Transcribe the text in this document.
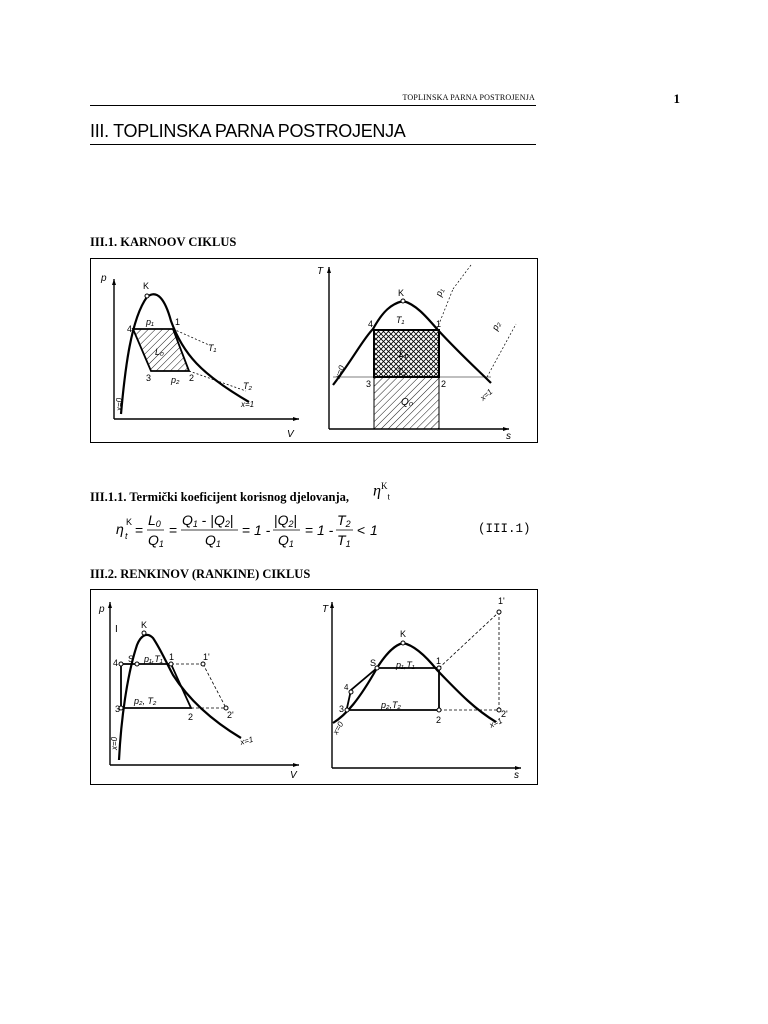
TOPLINSKA PARNA POSTROJENJA	1
III. TOPLINSKA PARNA POSTROJENJA
III.1. KARNOOV CIKLUS
p
V
K
p₁
p₂
T₁
T₂
L₀
x=1
x=0
4
1
3	2
T
s
K
T₁
T₂
L₀
Q₀
p₁
p₂
x=1
x=0
4	1
3	2
III.1.1. Termički koeficijent korisnog djelovanja, $\eta^K_t$
η t
K =
L0
Q1
=
Q1 - |Q2|
Q1
= 1 -
|Q2|
Q1
= 1 -
T2
T1
< 1	(III.1)
III.2. RENKINOV (RANKINE) CIKLUS
p
V
I	K
p₁,T₁
p₂, T₂
4 S	1	1'
3
2	2'
x=1
x=0
T
s
K
p₁,T₁
p₂,T₂
S	1
1'
4
3
2
2'
x=1
x=0
